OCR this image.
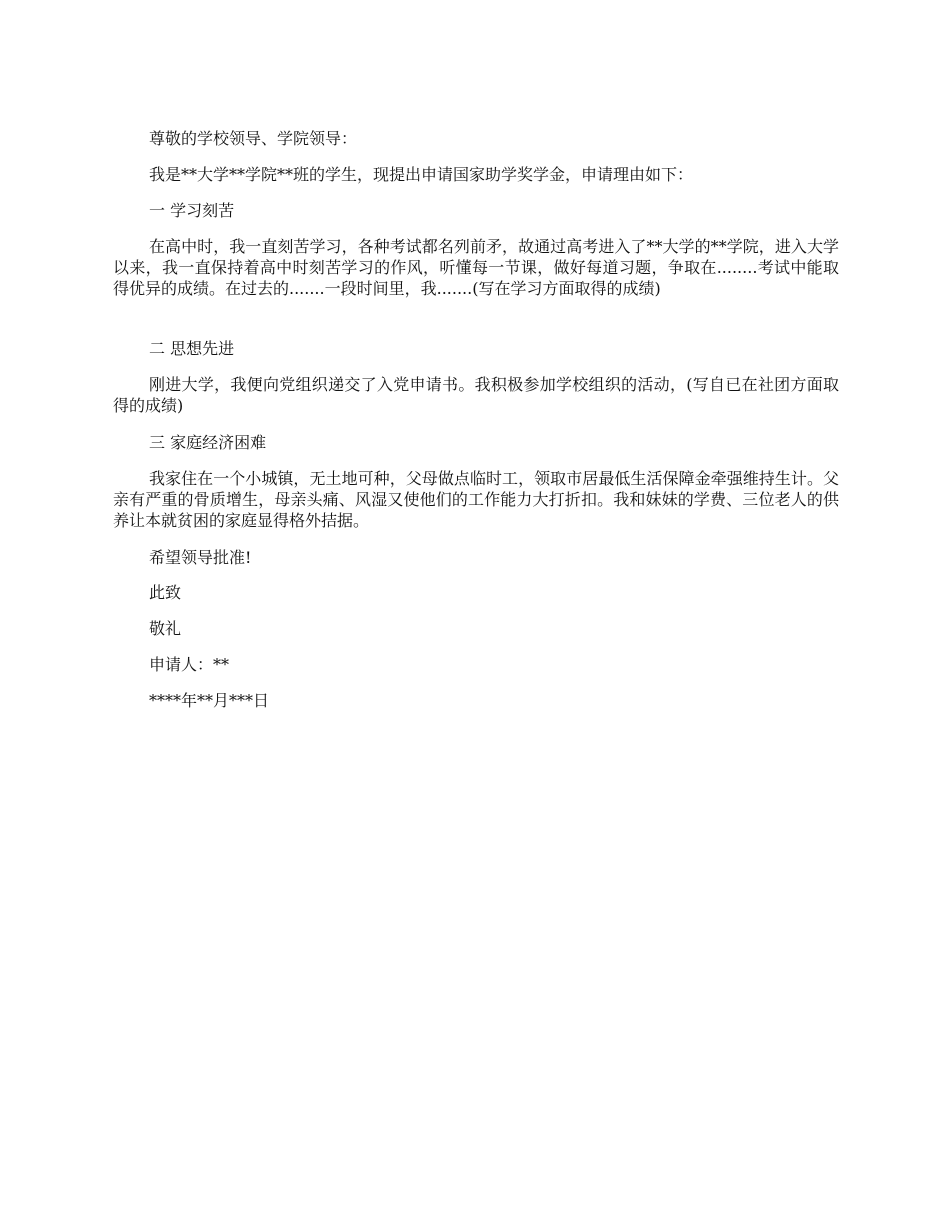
尊敬的学校领导、学院领导：
我是**大学**学院**班的学生，现提出申请国家助学奖学金，申请理由如下：
一 学习刻苦
在高中时，我一直刻苦学习，各种考试都名列前矛，故通过高考进入了**大学的**学院，进入大学以来，我一直保持着高中时刻苦学习的作风，听懂每一节课，做好每道习题，争取在........考试中能取得优异的成绩。在过去的.......一段时间里，我.......(写在学习方面取得的成绩)
二 思想先进
刚进大学，我便向党组织递交了入党申请书。我积极参加学校组织的活动，(写自已在社团方面取得的成绩)
三 家庭经济困难
我家住在一个小城镇，无土地可种，父母做点临时工，领取市居最低生活保障金牵强维持生计。父亲有严重的骨质增生，母亲头痛、风湿又使他们的工作能力大打折扣。我和妹妹的学费、三位老人的供养让本就贫困的家庭显得格外拮据。
希望领导批准!
此致
敬礼
申请人：**
****年**月***日
